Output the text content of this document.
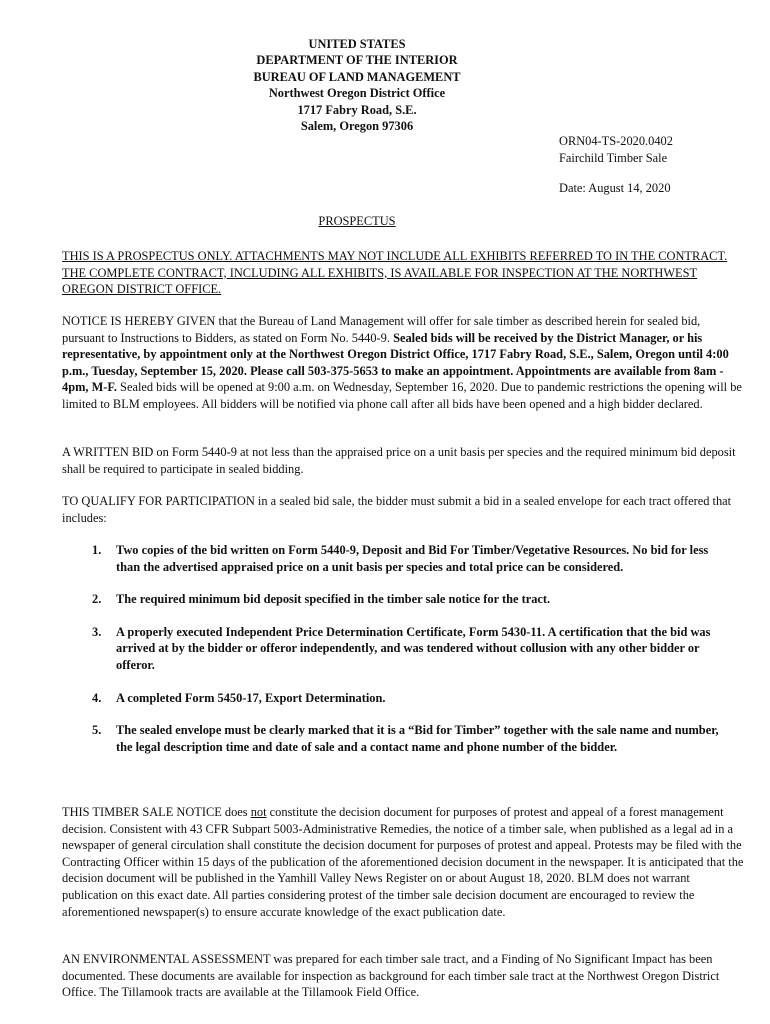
UNITED STATES
DEPARTMENT OF THE INTERIOR
BUREAU OF LAND MANAGEMENT
Northwest Oregon District Office
1717 Fabry Road, S.E.
Salem, Oregon 97306
ORN04-TS-2020.0402
Fairchild Timber Sale
Date: August 14, 2020
PROSPECTUS
THIS IS A PROSPECTUS ONLY. ATTACHMENTS MAY NOT INCLUDE ALL EXHIBITS REFERRED TO IN THE CONTRACT. THE COMPLETE CONTRACT, INCLUDING ALL EXHIBITS, IS AVAILABLE FOR INSPECTION AT THE NORTHWEST OREGON DISTRICT OFFICE.
NOTICE IS HEREBY GIVEN that the Bureau of Land Management will offer for sale timber as described herein for sealed bid, pursuant to Instructions to Bidders, as stated on Form No. 5440-9. Sealed bids will be received by the District Manager, or his representative, by appointment only at the Northwest Oregon District Office, 1717 Fabry Road, S.E., Salem, Oregon until 4:00 p.m., Tuesday, September 15, 2020. Please call 503-375-5653 to make an appointment. Appointments are available from 8am - 4pm, M-F. Sealed bids will be opened at 9:00 a.m. on Wednesday, September 16, 2020. Due to pandemic restrictions the opening will be limited to BLM employees. All bidders will be notified via phone call after all bids have been opened and a high bidder declared.
A WRITTEN BID on Form 5440-9 at not less than the appraised price on a unit basis per species and the required minimum bid deposit shall be required to participate in sealed bidding.
TO QUALIFY FOR PARTICIPATION in a sealed bid sale, the bidder must submit a bid in a sealed envelope for each tract offered that includes:
1. Two copies of the bid written on Form 5440-9, Deposit and Bid For Timber/Vegetative Resources. No bid for less than the advertised appraised price on a unit basis per species and total price can be considered.
2. The required minimum bid deposit specified in the timber sale notice for the tract.
3. A properly executed Independent Price Determination Certificate, Form 5430-11. A certification that the bid was arrived at by the bidder or offeror independently, and was tendered without collusion with any other bidder or offeror.
4. A completed Form 5450-17, Export Determination.
5. The sealed envelope must be clearly marked that it is a “Bid for Timber” together with the sale name and number, the legal description time and date of sale and a contact name and phone number of the bidder.
THIS TIMBER SALE NOTICE does not constitute the decision document for purposes of protest and appeal of a forest management decision. Consistent with 43 CFR Subpart 5003-Administrative Remedies, the notice of a timber sale, when published as a legal ad in a newspaper of general circulation shall constitute the decision document for purposes of protest and appeal. Protests may be filed with the Contracting Officer within 15 days of the publication of the aforementioned decision document in the newspaper. It is anticipated that the decision document will be published in the Yamhill Valley News Register on or about August 18, 2020. BLM does not warrant publication on this exact date. All parties considering protest of the timber sale decision document are encouraged to review the aforementioned newspaper(s) to ensure accurate knowledge of the exact publication date.
AN ENVIRONMENTAL ASSESSMENT was prepared for each timber sale tract, and a Finding of No Significant Impact has been documented. These documents are available for inspection as background for each timber sale tract at the Northwest Oregon District Office. The Tillamook tracts are available at the Tillamook Field Office.
